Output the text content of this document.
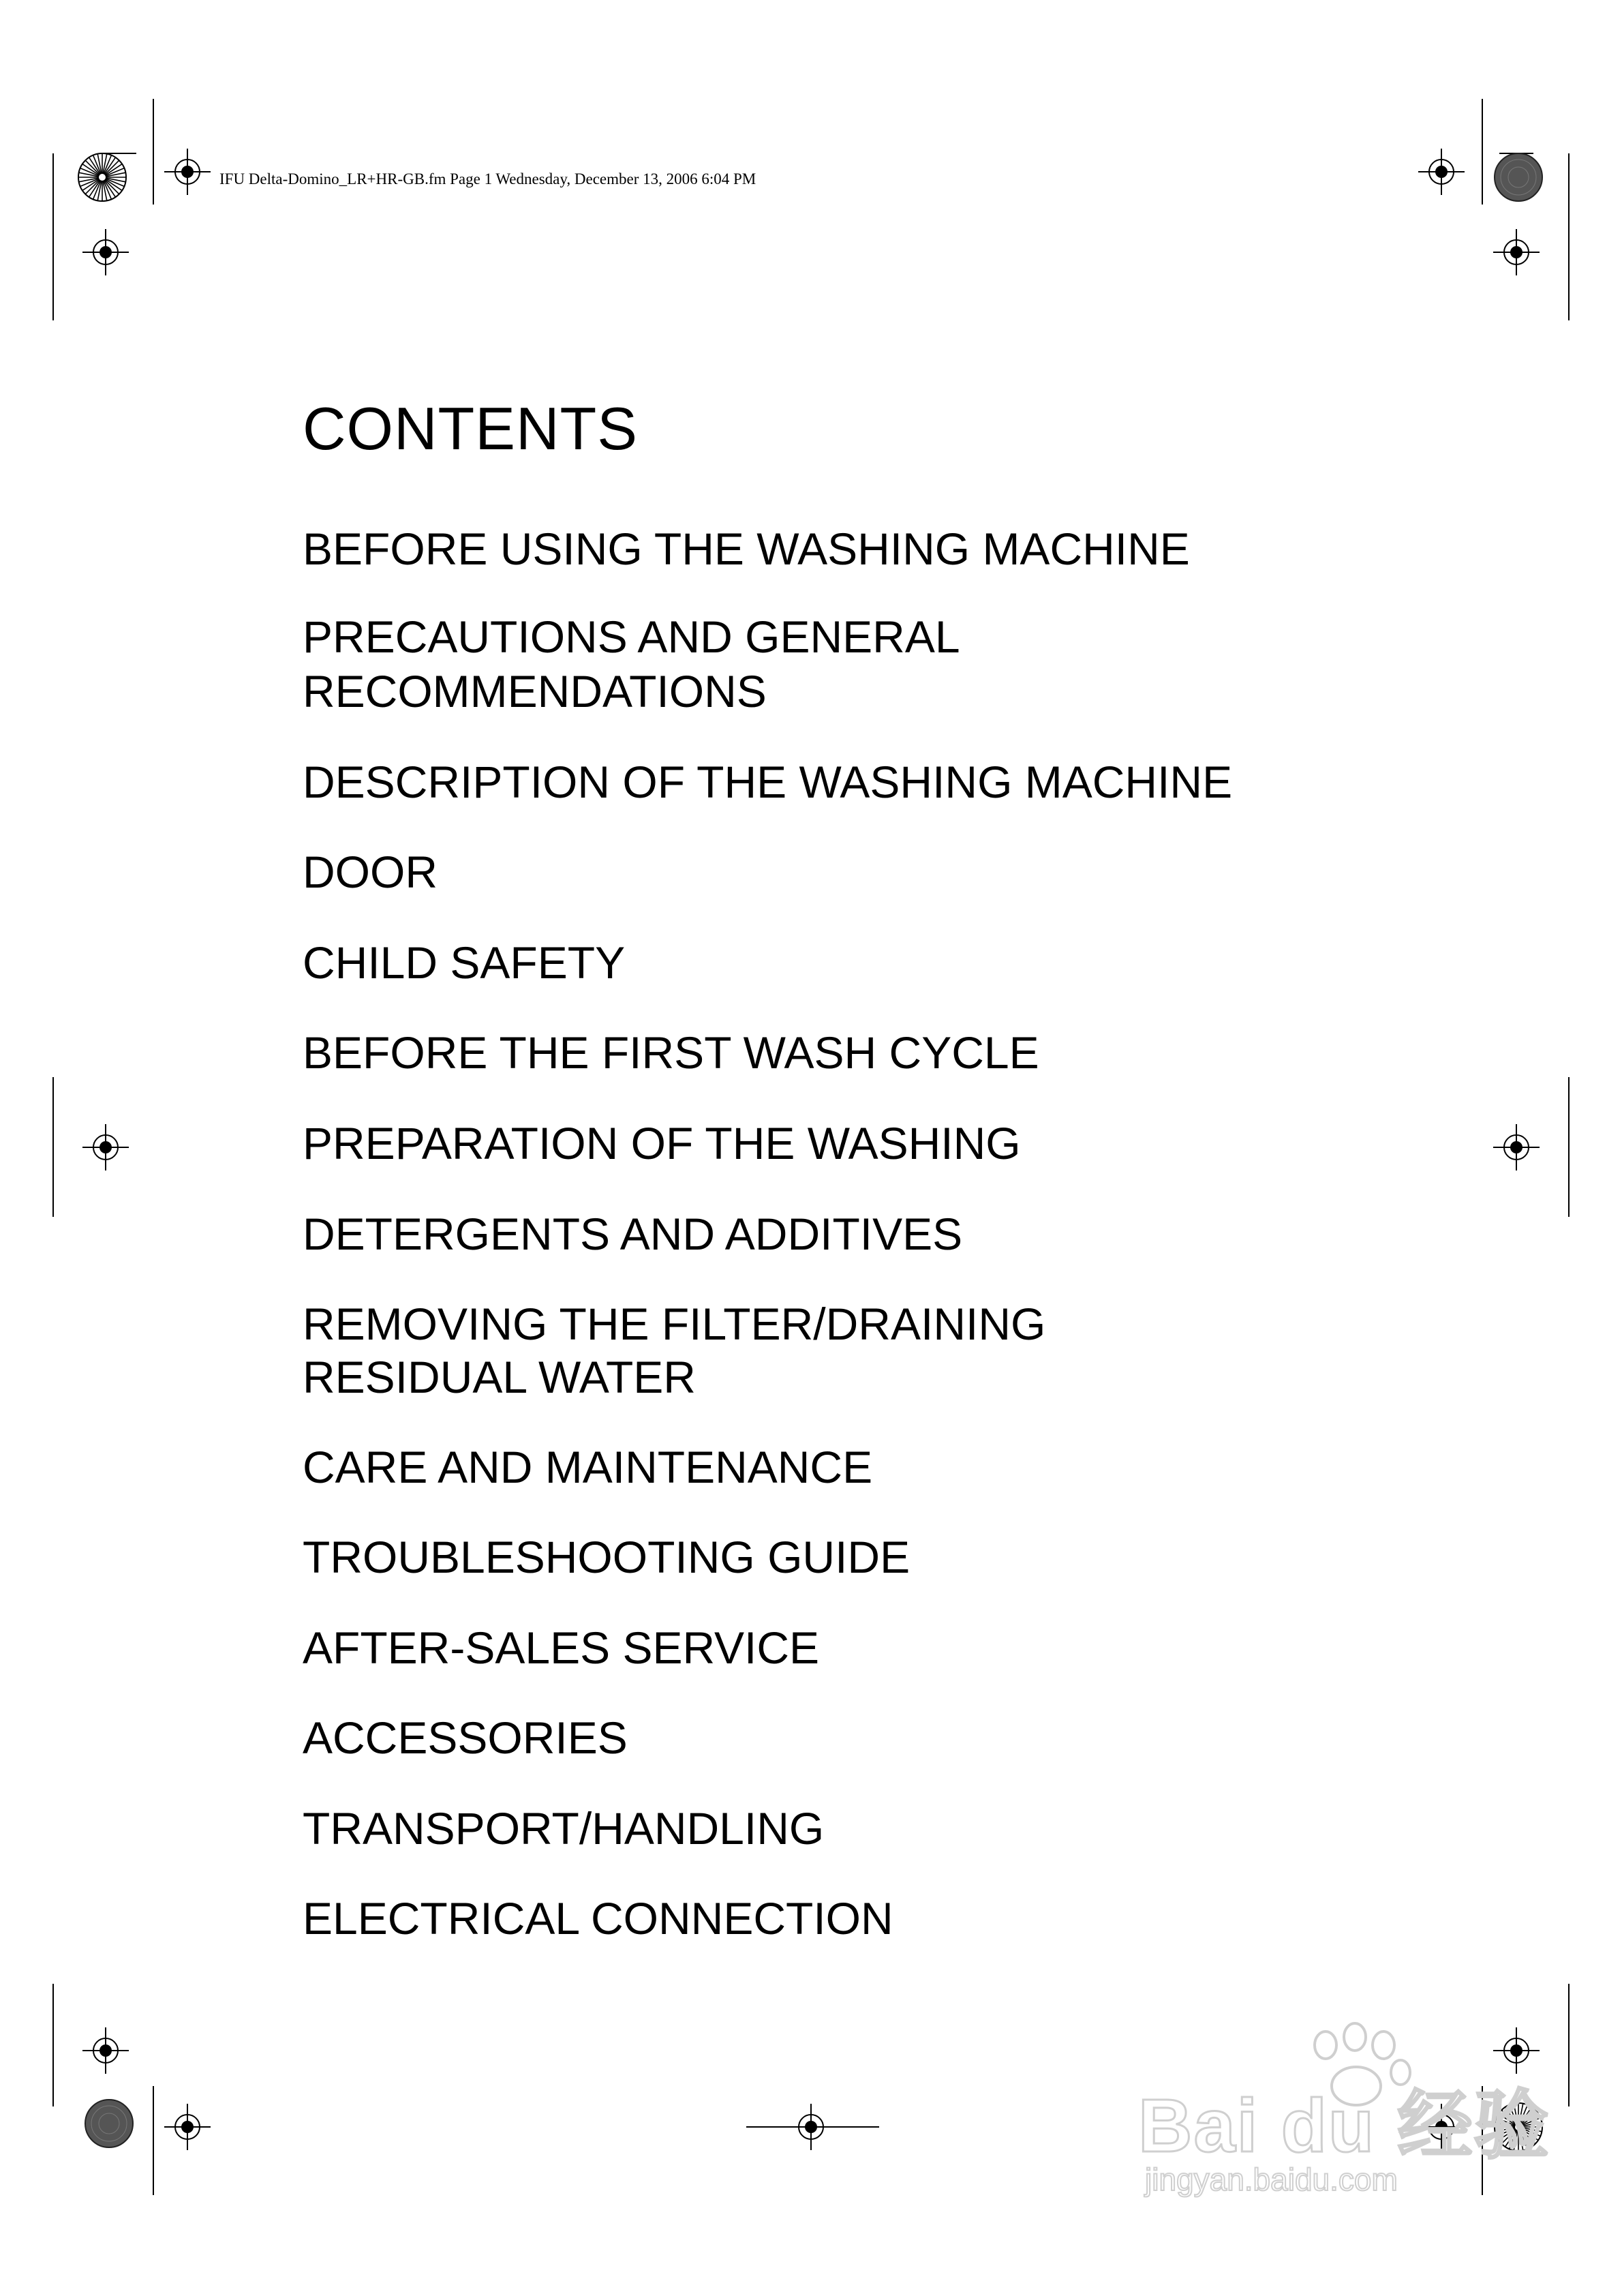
IFU Delta-Domino_LR+HR-GB.fm Page 1 Wednesday, December 13, 2006 6:04 PM
CONTENTS

BEFORE USING THE WASHING MACHINE

PRECAUTIONS AND GENERAL

RECOMMENDATIONS

DESCRIPTION OF THE WASHING MACHINE

DOOR

CHILD SAFETY

BEFORE THE FIRST WASH CYCLE

PREPARATION OF THE WASHING

DETERGENTS AND ADDITIVES

REMOVING THE FILTER/DRAINING

RESIDUAL WATER

CARE AND MAINTENANCE

TROUBLESHOOTING GUIDE

AFTER-SALES SERVICE

ACCESSORIES

TRANSPORT/HANDLING

ELECTRICAL CONNECTION

Bai du 经验
jingyan.baidu.com
